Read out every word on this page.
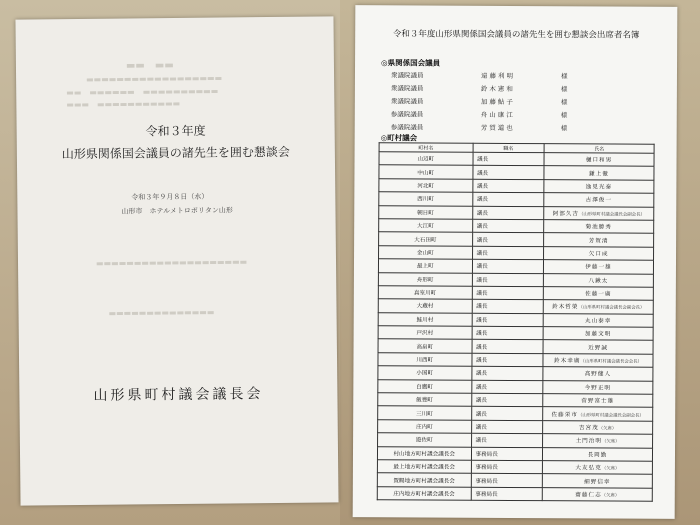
▬▬　▬▬
▬▬▬▬▬▬▬▬▬▬▬▬▬▬▬▬▬▬
▬▬　▬▬▬▬▬▬　▬▬▬▬▬▬▬▬▬▬
▬▬▬　▬▬▬▬▬▬▬▬▬▬▬
令和３年度
山形県関係国会議員の諸先生を囲む懇談会
令和３年９月８日（水）
山形市　ホテルメトロポリタン山形
▬▬▬▬▬▬▬▬▬▬▬▬▬▬▬▬▬▬▬▬
▬▬▬▬▬▬▬▬▬▬▬▬▬▬
山形県町村議会議長会
令和３年度山形県関係国会議員の諸先生を囲む懇談会出席者名簿
◎県関係国会議員
衆議院議員	遠藤利明	様
衆議院議員	鈴木憲和	様
衆議院議員	加藤鮎子	様
参議院議員	舟山康江	様
参議院議員	芳賀道也	様
◎町村議会
町村名	職名	氏名
山辺町	議長	樋口和男
中山町	議長	鎌上徹
河北町	議長	逸見光泰
西川町	議長	古澤俊一
朝日町	議長	阿部久吉（山形県町村議会議長会副会長）
大江町	議長	菊池勝秀
大石田町	議長	芳賀清
金山町	議長	欠口成
最上町	議長	伊藤一雄
舟形町	議長	八鍬太
真室川町	議長	佐藤一廣
大蔵村	議長	鈴木哲榮（山形県町村議会議長会副会長）
鮭川村	議長	丸山泰幸
戸沢村	議長	加藤文明
高畠町	議長	近野誠
川西町	議長	鈴木幸廣（山形県町村議会議長会会長）
小国町	議長	髙野健人
白鷹町	議長	今野正明
飯豊町	議長	菅野富士雄
三川町	議長	佐藤栄市（山形県町村議会議長会副会長）
庄内町	議長	吉宮茂（欠席）
遊佐町	議長	土門治明（欠席）
村山地方町村議会議長会	事務局長	長岡勤
最上地方町村議会議長会	事務局長	大友弘克（欠席）
置賜地方町村議会議長会	事務局長	細野信幸
庄内地方町村議会議長会	事務局長	齋藤仁志（欠席）
